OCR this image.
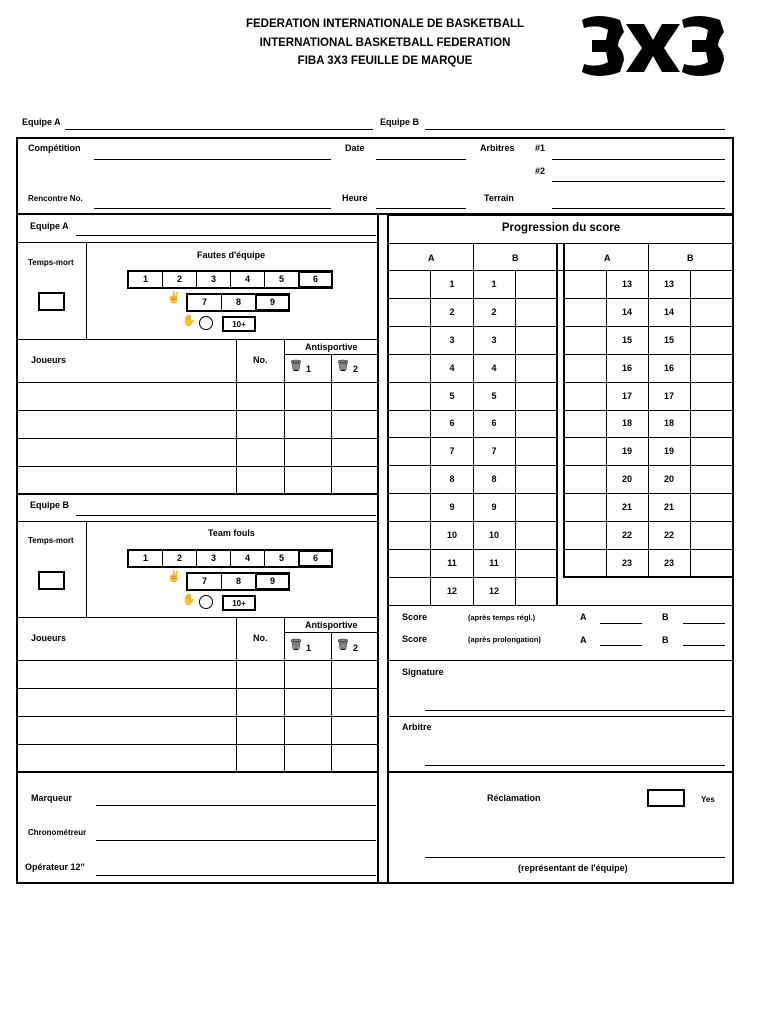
FEDERATION INTERNATIONALE DE BASKETBALL
INTERNATIONAL BASKETBALL FEDERATION
FIBA 3X3 FEUILLE DE MARQUE
Equipe A	Equipe B
Compétition	Date	Arbitres #1
#2
Rencontre No.	Heure	Terrain
Equipe A
Temps-mort
Fautes d'équipe
1	2	3	4	5	6
✌	7	8	9
✋	10+
Joueurs	No.
Antisportive
🗑 1 🗑 2
Equipe B
Temps-mort
Team fouls
1	2	3	4	5	6
✌	7	8	9
✋	10+
Joueurs	No.
Antisportive
🗑 1 🗑 2
Marqueur
Chronométreur
Opérateur 12''
Progression du score
A	B	A	B
1	1
2	2
3	3
4	4
5	5
6	6
7	7
8	8
9	9
10	10
11	11
12	12
13	13
14	14
15	15
16	16
17	17
18	18
19	19
20	20
21	21
22	22
23	23
Score	(après temps régl.)	A	B
Score	(après prolongation)	A	B
Signature
Arbitre
Réclamation	Yes
(représentant de l'équipe)
